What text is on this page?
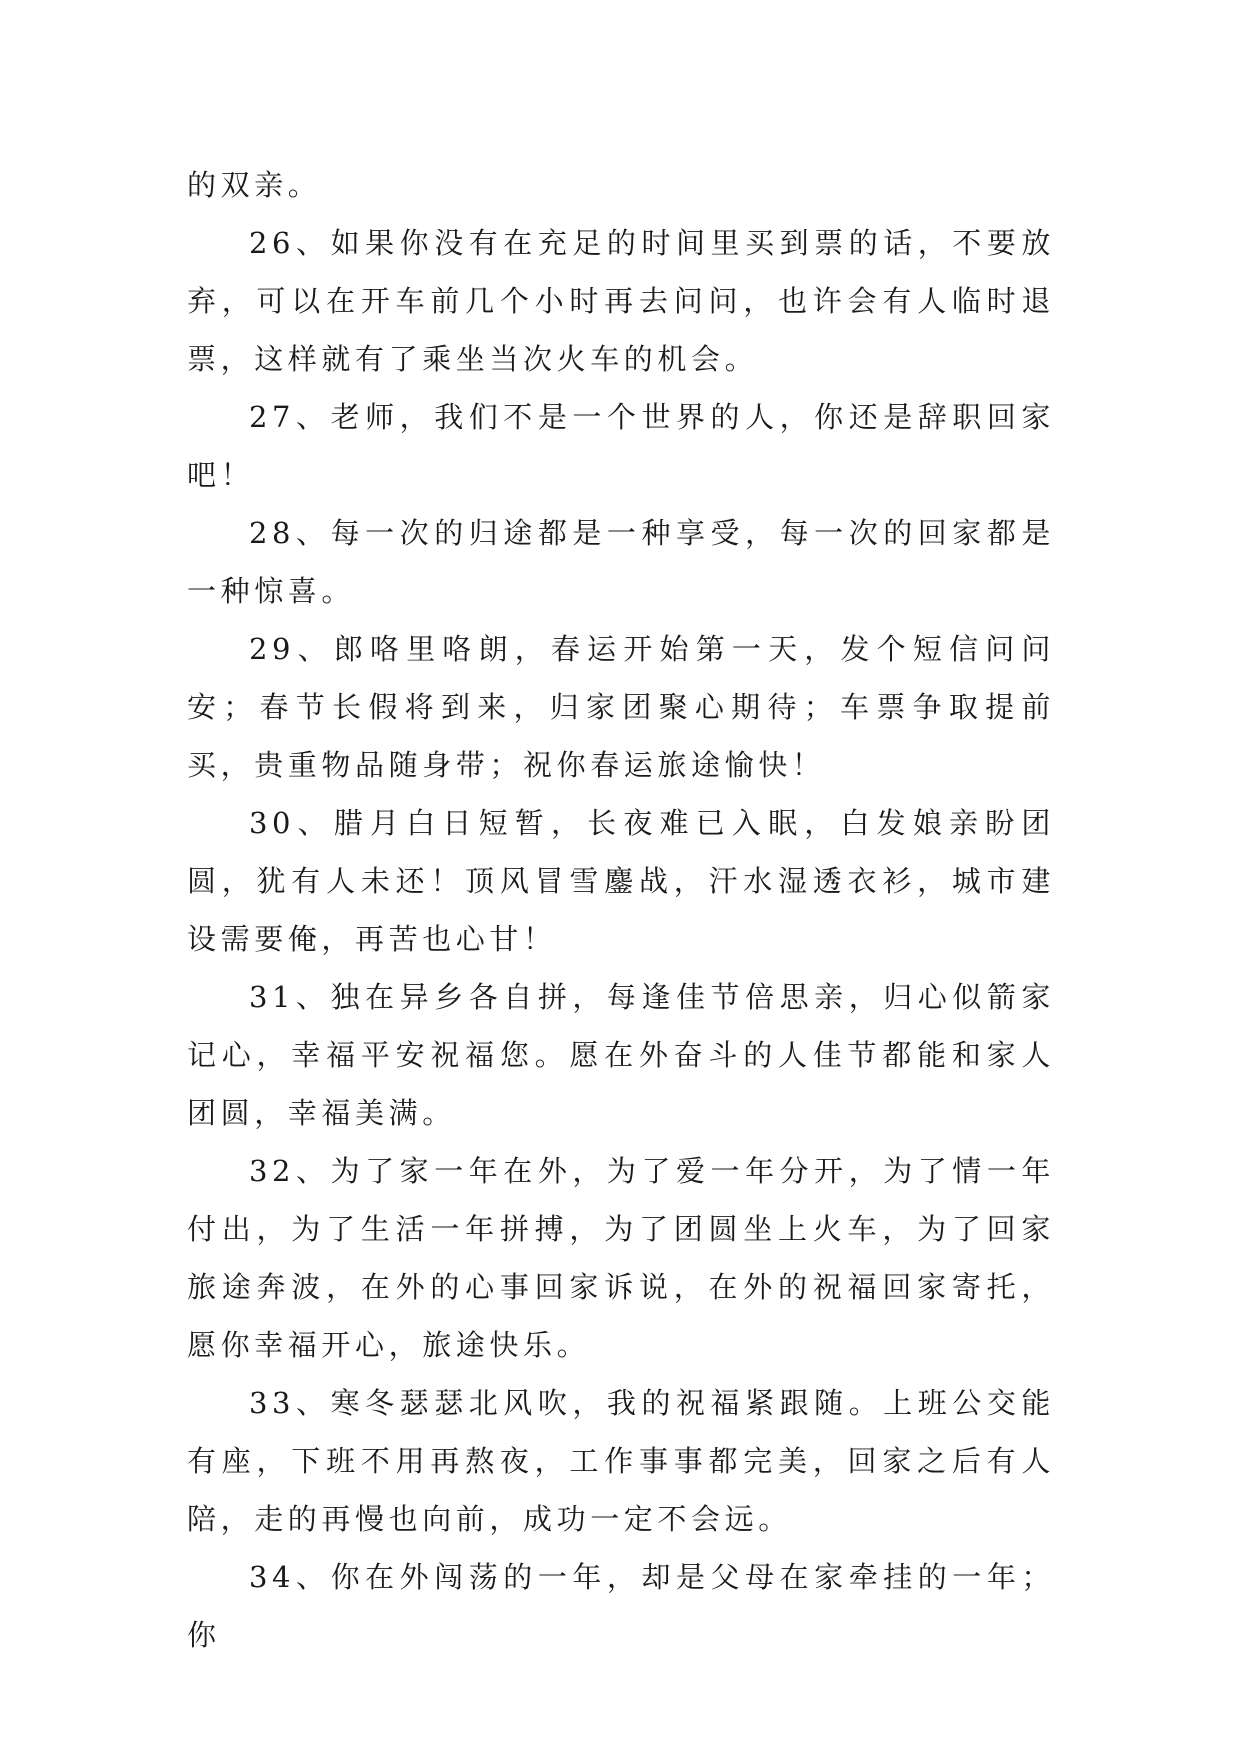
的双亲。

26、如果你没有在充足的时间里买到票的话，不要放弃，可以在开车前几个小时再去问问，也许会有人临时退票，这样就有了乘坐当次火车的机会。

27、老师，我们不是一个世界的人，你还是辞职回家吧！

28、每一次的归途都是一种享受，每一次的回家都是一种惊喜。

29、郎咯里咯朗，春运开始第一天，发个短信问问安；春节长假将到来，归家团聚心期待；车票争取提前买，贵重物品随身带；祝你春运旅途愉快！

30、腊月白日短暂，长夜难已入眠，白发娘亲盼团圆，犹有人未还！顶风冒雪鏖战，汗水湿透衣衫，城市建设需要俺，再苦也心甘！

31、独在异乡各自拼，每逢佳节倍思亲，归心似箭家记心，幸福平安祝福您。愿在外奋斗的人佳节都能和家人团圆，幸福美满。

32、为了家一年在外，为了爱一年分开，为了情一年付出，为了生活一年拼搏，为了团圆坐上火车，为了回家旅途奔波，在外的心事回家诉说，在外的祝福回家寄托，愿你幸福开心，旅途快乐。

33、寒冬瑟瑟北风吹，我的祝福紧跟随。上班公交能有座，下班不用再熬夜，工作事事都完美，回家之后有人陪，走的再慢也向前，成功一定不会远。

34、你在外闯荡的一年，却是父母在家牵挂的一年；你
